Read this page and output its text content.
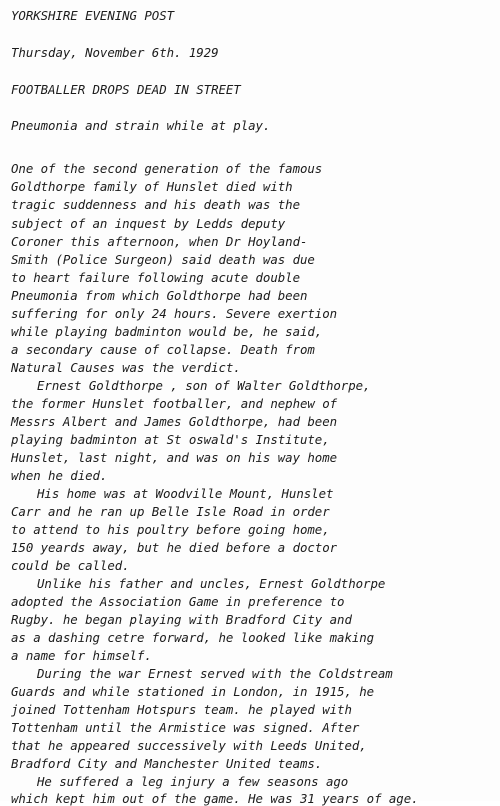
YORKSHIRE EVENING POST
Thursday, November 6th. 1929
FOOTBALLER DROPS DEAD IN STREET
Pneumonia and strain while at play.
One of the second generation of the famous
Goldthorpe family of Hunslet died with
tragic suddenness and his death was the
subject of an inquest by Ledds deputy
Coroner this afternoon, when Dr Hoyland-
Smith (Police Surgeon) said death was due
to heart failure following acute double
Pneumonia from which Goldthorpe had been
suffering for only 24 hours. Severe exertion
while playing badminton would be, he said,
a secondary cause of collapse. Death from
Natural Causes was the verdict.
Ernest Goldthorpe , son of Walter Goldthorpe,
the former Hunslet footballer, and nephew of
Messrs Albert and James Goldthorpe, had been
playing badminton at St oswald's Institute,
Hunslet, last night, and was on his way home
when he died.
His home was at Woodville Mount, Hunslet
Carr and he ran up Belle Isle Road in order
to attend to his poultry before going home,
150 yeards away, but he died before a doctor
could be called.
Unlike his father and uncles, Ernest Goldthorpe
adopted the Association Game in preference to
Rugby. he began playing with Bradford City and
as a dashing cetre forward, he looked like making
a name for himself.
During the war Ernest served with the Coldstream
Guards and while stationed in London, in 1915, he
joined Tottenham Hotspurs team. he played with
Tottenham until the Armistice was signed. After
that he appeared successively with Leeds United,
Bradford City and Manchester United teams.
He suffered a leg injury a few seasons ago
which kept him out of the game. He was 31 years of age.
